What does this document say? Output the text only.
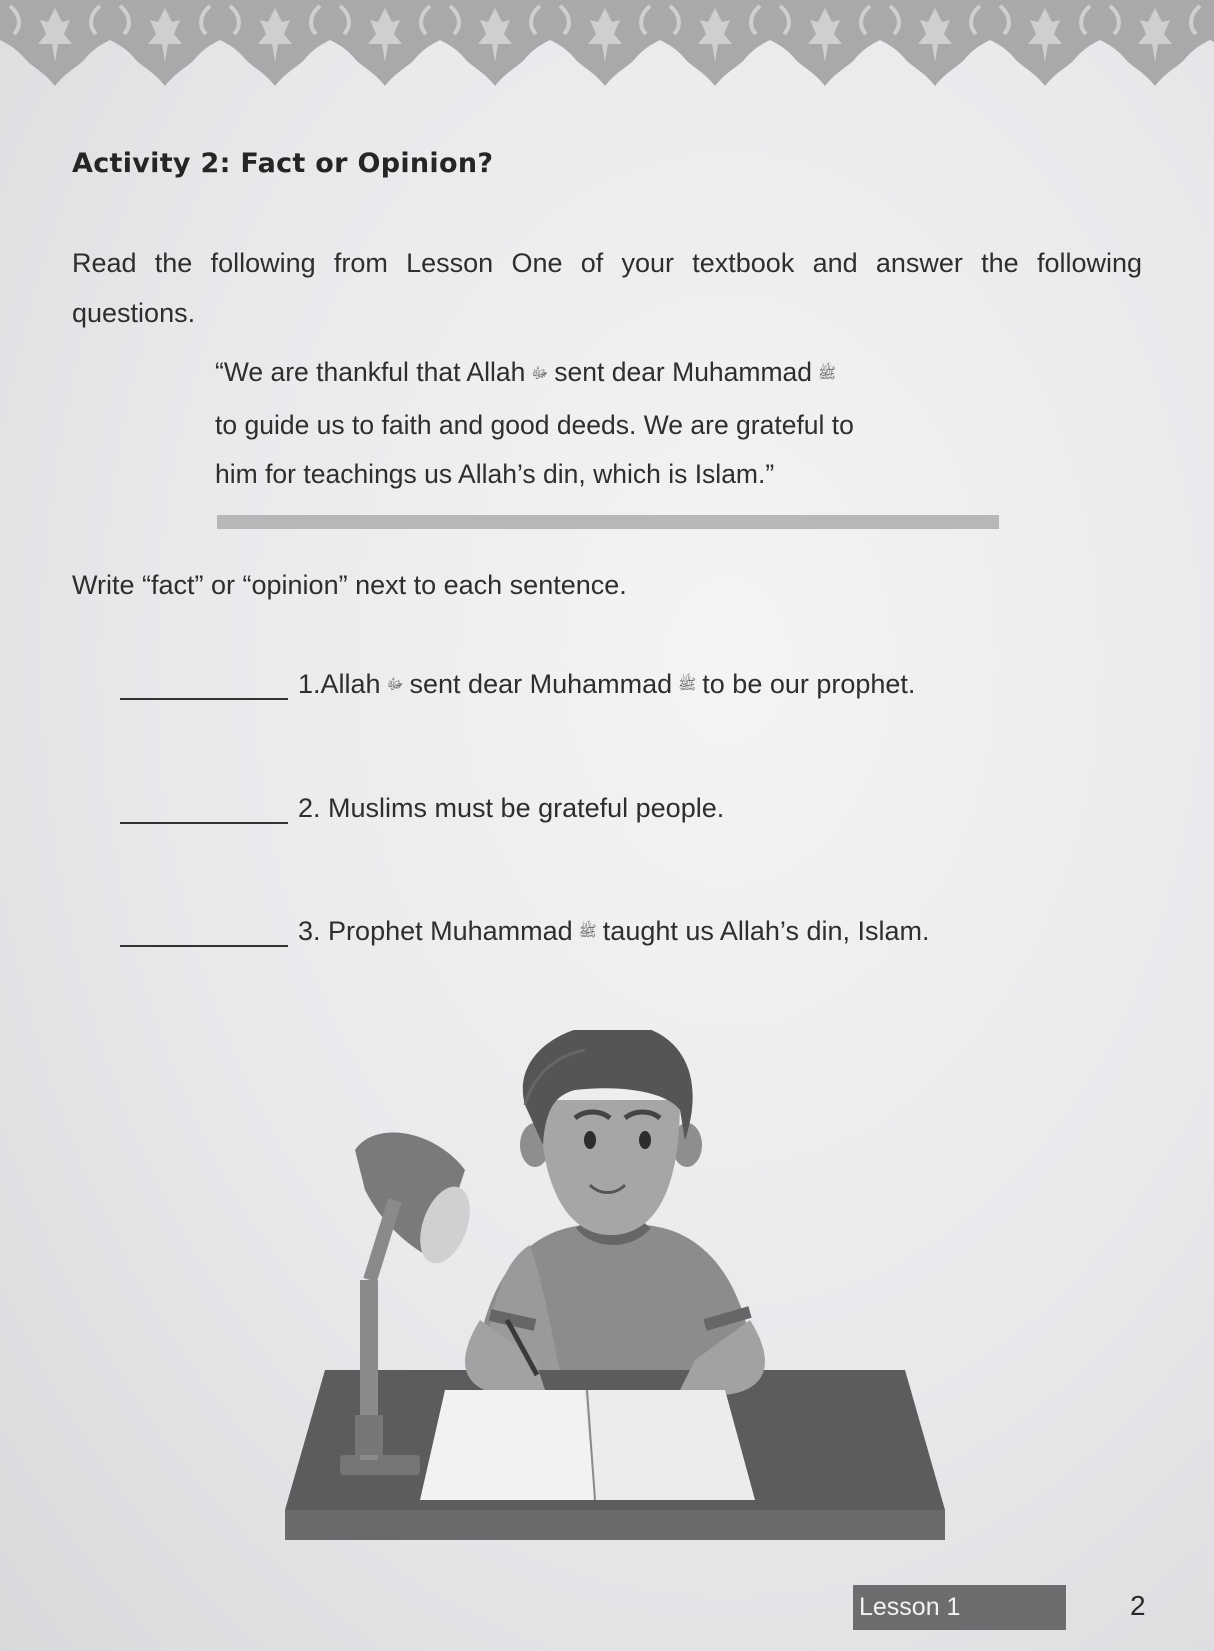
Activity 2: Fact or Opinion?

Read the following from Lesson One of your textbook and answer the following questions.

“We are thankful that Allah ﷻ sent dear Muhammad ﷺ
to guide us to faith and good deeds. We are grateful to
him for teachings us Allah’s din, which is Islam.”
Write “fact” or “opinion” next to each sentence.
1. Allah ﷻ sent dear Muhammad ﷺ to be our prophet.
2.
Muslims must be grateful people.
3.
Prophet Muhammad ﷺ taught us Allah’s din, Islam.
Lesson 1	2
